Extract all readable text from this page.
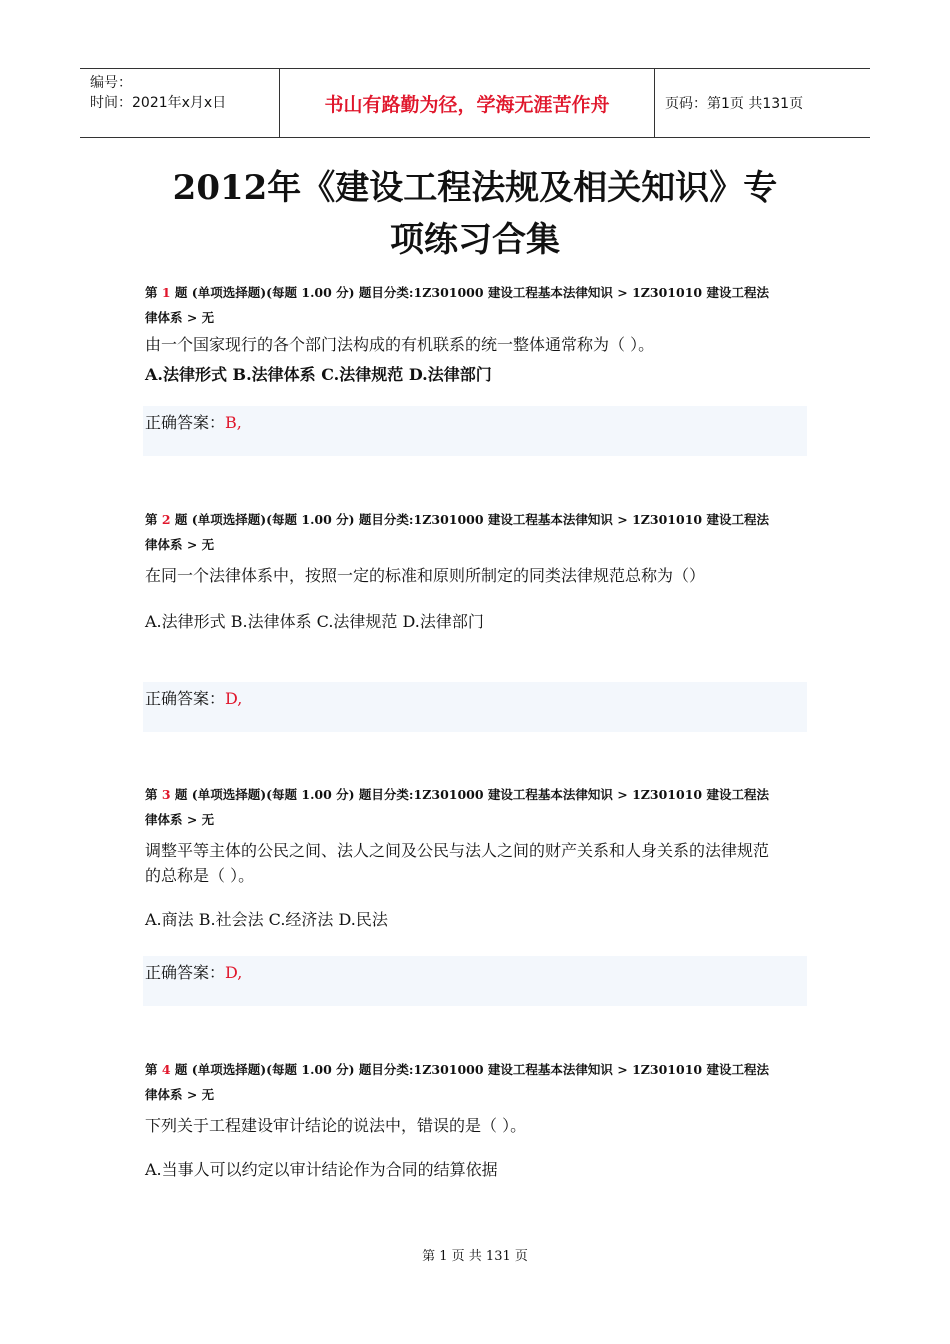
编号：
时间：2021年x月x日	书山有路勤为径，学海无涯苦作舟	页码：第1页 共131页
2012年《建设工程法规及相关知识》专
项练习合集
第 1 题 (单项选择题)(每题 1.00 分) 题目分类:1Z301000 建设工程基本法律知识 > 1Z301010 建设工程法
律体系 > 无
由一个国家现行的各个部门法构成的有机联系的统一整体通常称为（ ）。
A.法律形式 B.法律体系 C.法律规范 D.法律部门
正确答案：B,
第 2 题 (单项选择题)(每题 1.00 分) 题目分类:1Z301000 建设工程基本法律知识 > 1Z301010 建设工程法
律体系 > 无
在同一个法律体系中，按照一定的标准和原则所制定的同类法律规范总称为（）
A.法律形式 B.法律体系 C.法律规范 D.法律部门
正确答案：D,
第 3 题 (单项选择题)(每题 1.00 分) 题目分类:1Z301000 建设工程基本法律知识 > 1Z301010 建设工程法
律体系 > 无
调整平等主体的公民之间、法人之间及公民与法人之间的财产关系和人身关系的法律规范
的总称是（ ）。
A.商法 B.社会法 C.经济法 D.民法
正确答案：D,
第 4 题 (单项选择题)(每题 1.00 分) 题目分类:1Z301000 建设工程基本法律知识 > 1Z301010 建设工程法
律体系 > 无
下列关于工程建设审计结论的说法中，错误的是（ ）。
A.当事人可以约定以审计结论作为合同的结算依据
第 1 页 共 131 页
